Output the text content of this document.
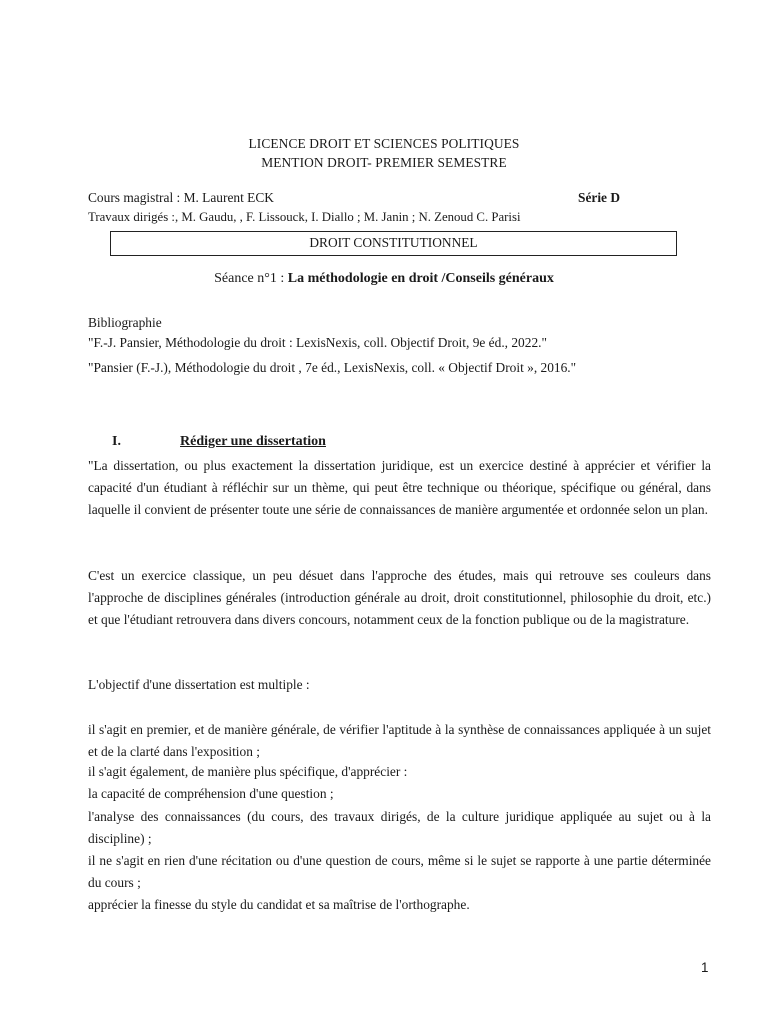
LICENCE DROIT ET SCIENCES POLITIQUES
MENTION DROIT- PREMIER SEMESTRE
Cours magistral : M. Laurent ECK	Série D
Travaux dirigés :, M. Gaudu, , F. Lissouck, I. Diallo ; M. Janin ; N. Zenoud C. Parisi
DROIT CONSTITUTIONNEL
Séance n°1 : La méthodologie en droit /Conseils généraux
Bibliographie
"F.-J. Pansier, Méthodologie du droit : LexisNexis, coll. Objectif Droit, 9e éd., 2022."
"Pansier (F.-J.), Méthodologie du droit , 7e éd., LexisNexis, coll. « Objectif Droit », 2016."
I.	Rédiger une dissertation
"La dissertation, ou plus exactement la dissertation juridique, est un exercice destiné à apprécier et vérifier la capacité d'un étudiant à réfléchir sur un thème, qui peut être technique ou théorique, spécifique ou général, dans laquelle il convient de présenter toute une série de connaissances de manière argumentée et ordonnée selon un plan.
C'est un exercice classique, un peu désuet dans l'approche des études, mais qui retrouve ses couleurs dans l'approche de disciplines générales (introduction générale au droit, droit constitutionnel, philosophie du droit, etc.) et que l'étudiant retrouvera dans divers concours, notamment ceux de la fonction publique ou de la magistrature.
L'objectif d'une dissertation est multiple :
il s'agit en premier, et de manière générale, de vérifier l'aptitude à la synthèse de connaissances appliquée à un sujet et de la clarté dans l'exposition ;
il s'agit également, de manière plus spécifique, d'apprécier :
la capacité de compréhension d'une question ;
l'analyse des connaissances (du cours, des travaux dirigés, de la culture juridique appliquée au sujet ou à la discipline) ;
il ne s'agit en rien d'une récitation ou d'une question de cours, même si le sujet se rapporte à une partie déterminée du cours ;
apprécier la finesse du style du candidat et sa maîtrise de l'orthographe.
1
